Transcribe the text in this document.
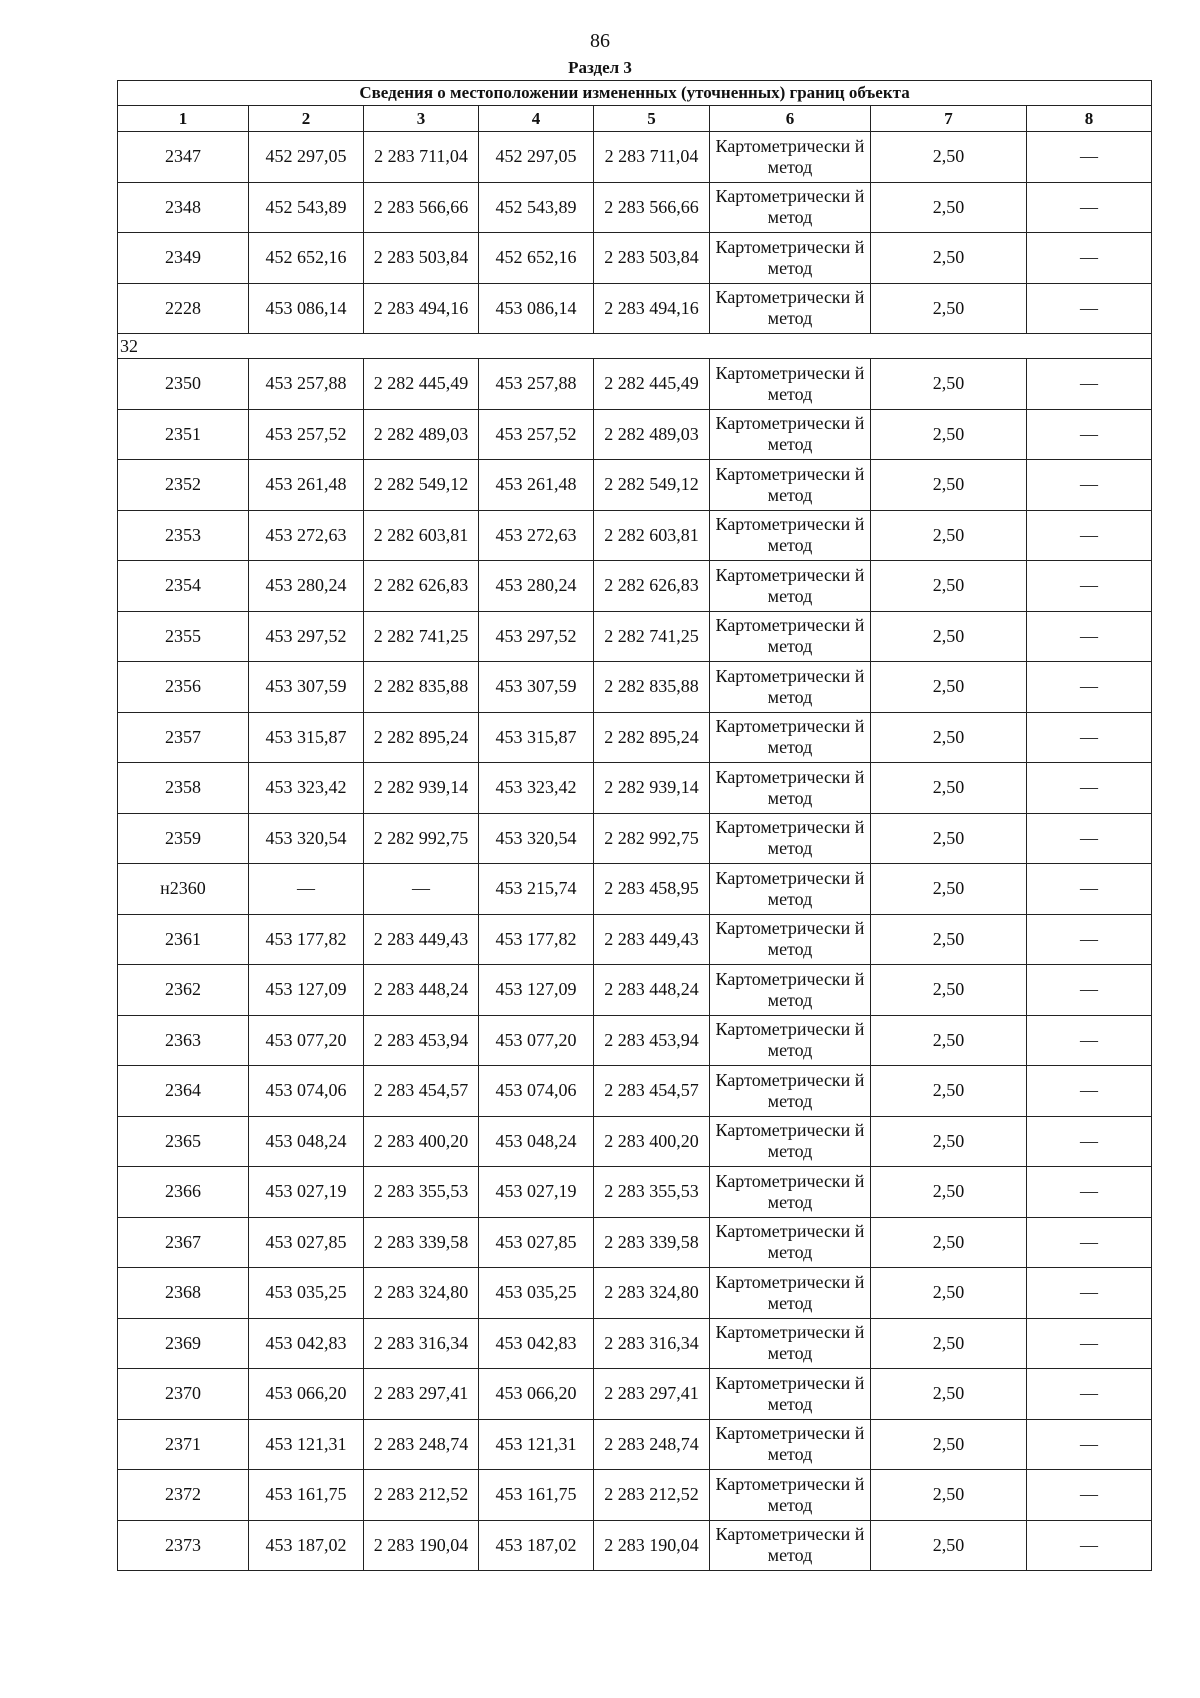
86
Раздел 3
Сведения о местоположении измененных (уточненных) границ объекта							
1	2	3	4	5	6	7	8
2347	452 297,05	2 283 711,04	452 297,05	2 283 711,04	Картометрически й метод	2,50	—
2348	452 543,89	2 283 566,66	452 543,89	2 283 566,66	Картометрически й метод	2,50	—
2349	452 652,16	2 283 503,84	452 652,16	2 283 503,84	Картометрически й метод	2,50	—
2228	453 086,14	2 283 494,16	453 086,14	2 283 494,16	Картометрически й метод	2,50	—
32							
2350	453 257,88	2 282 445,49	453 257,88	2 282 445,49	Картометрически й метод	2,50	—
2351	453 257,52	2 282 489,03	453 257,52	2 282 489,03	Картометрически й метод	2,50	—
2352	453 261,48	2 282 549,12	453 261,48	2 282 549,12	Картометрически й метод	2,50	—
2353	453 272,63	2 282 603,81	453 272,63	2 282 603,81	Картометрически й метод	2,50	—
2354	453 280,24	2 282 626,83	453 280,24	2 282 626,83	Картометрически й метод	2,50	—
2355	453 297,52	2 282 741,25	453 297,52	2 282 741,25	Картометрически й метод	2,50	—
2356	453 307,59	2 282 835,88	453 307,59	2 282 835,88	Картометрически й метод	2,50	—
2357	453 315,87	2 282 895,24	453 315,87	2 282 895,24	Картометрически й метод	2,50	—
2358	453 323,42	2 282 939,14	453 323,42	2 282 939,14	Картометрически й метод	2,50	—
2359	453 320,54	2 282 992,75	453 320,54	2 282 992,75	Картометрически й метод	2,50	—
н2360	—	—	453 215,74	2 283 458,95	Картометрически й метод	2,50	—
2361	453 177,82	2 283 449,43	453 177,82	2 283 449,43	Картометрически й метод	2,50	—
2362	453 127,09	2 283 448,24	453 127,09	2 283 448,24	Картометрически й метод	2,50	—
2363	453 077,20	2 283 453,94	453 077,20	2 283 453,94	Картометрически й метод	2,50	—
2364	453 074,06	2 283 454,57	453 074,06	2 283 454,57	Картометрически й метод	2,50	—
2365	453 048,24	2 283 400,20	453 048,24	2 283 400,20	Картометрически й метод	2,50	—
2366	453 027,19	2 283 355,53	453 027,19	2 283 355,53	Картометрически й метод	2,50	—
2367	453 027,85	2 283 339,58	453 027,85	2 283 339,58	Картометрически й метод	2,50	—
2368	453 035,25	2 283 324,80	453 035,25	2 283 324,80	Картометрически й метод	2,50	—
2369	453 042,83	2 283 316,34	453 042,83	2 283 316,34	Картометрически й метод	2,50	—
2370	453 066,20	2 283 297,41	453 066,20	2 283 297,41	Картометрически й метод	2,50	—
2371	453 121,31	2 283 248,74	453 121,31	2 283 248,74	Картометрически й метод	2,50	—
2372	453 161,75	2 283 212,52	453 161,75	2 283 212,52	Картометрически й метод	2,50	—
2373	453 187,02	2 283 190,04	453 187,02	2 283 190,04	Картометрически й метод	2,50	—
